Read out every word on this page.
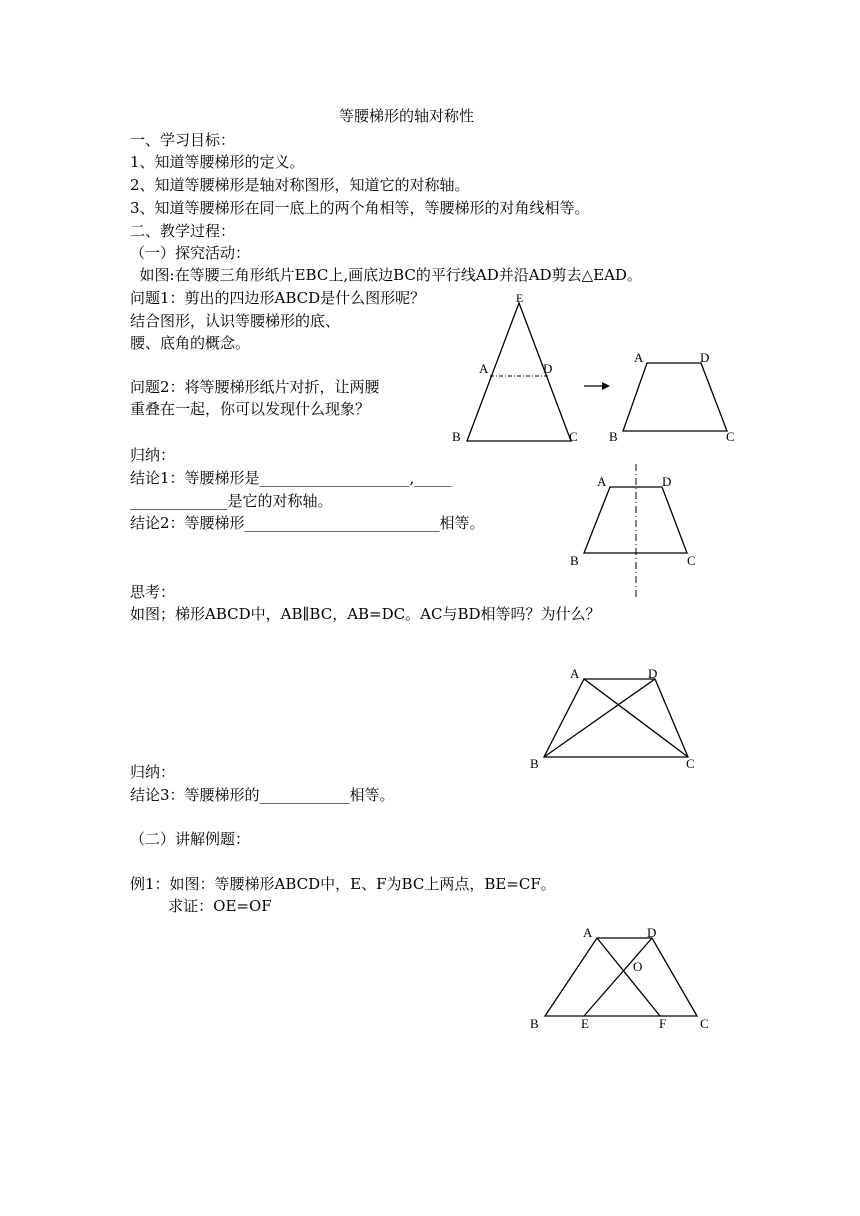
等腰梯形的轴对称性
一、学习目标：
1、知道等腰梯形的定义。
2、知道等腰梯形是轴对称图形，知道它的对称轴。
3、知道等腰梯形在同一底上的两个角相等，等腰梯形的对角线相等。
二、教学过程：
（一）探究活动：
如图:在等腰三角形纸片EBC上,画底边BC的平行线AD并沿AD剪去△EAD。
问题1：剪出的四边形ABCD是什么图形呢？
结合图形，认识等腰梯形的底、
腰、底角的概念。
问题2：将等腰梯形纸片对折，让两腰
重叠在一起，你可以发现什么现象？
归纳：
结论1：等腰梯形是____________________,_____
_____________是它的对称轴。
结论2：等腰梯形__________________________相等。
思考：
如图；梯形ABCD中，AB∥BC，AB=DC。AC与BD相等吗？为什么？
归纳：
结论3：等腰梯形的____________相等。
（二）讲解例题：
例1：如图：等腰梯形ABCD中，E、F为BC上两点，BE=CF。
求证：OE=OF
E
A	D
B	C
A	D
B	C
A	D
B	C
A	D
B	C
A	D
O
B	E	F	C
